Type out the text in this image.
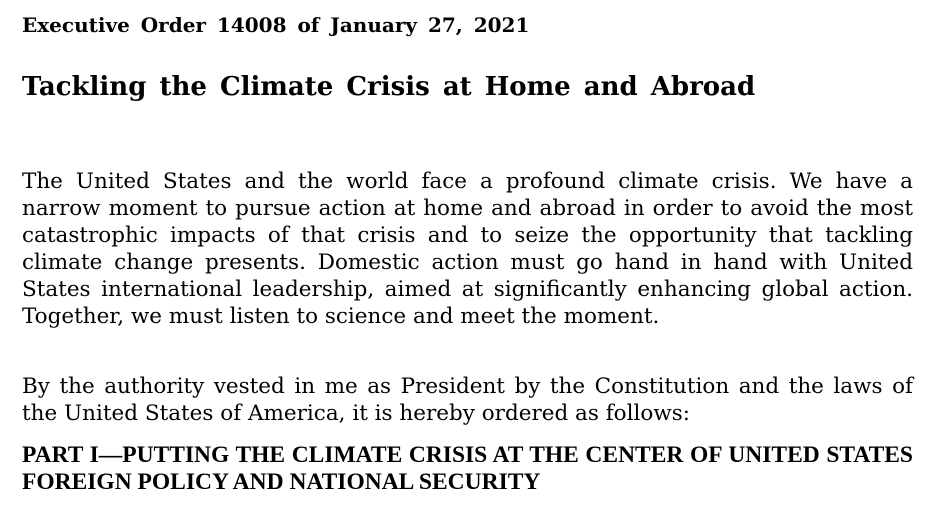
Executive Order 14008 of January 27, 2021
Tackling the Climate Crisis at Home and Abroad

The United States and the world face a profound climate crisis. We have a narrow moment to pursue action at home and abroad in order to avoid the most catastrophic impacts of that crisis and to seize the opportunity that tackling climate change presents. Domestic action must go hand in hand with United States international leadership, aimed at significantly enhancing global action. Together, we must listen to science and meet the moment.

By the authority vested in me as President by the Constitution and the laws of the United States of America, it is hereby ordered as follows:

PART I—PUTTING THE CLIMATE CRISIS AT THE CENTER OF UNITED STATES FOREIGN POLICY AND NATIONAL SECURITY
